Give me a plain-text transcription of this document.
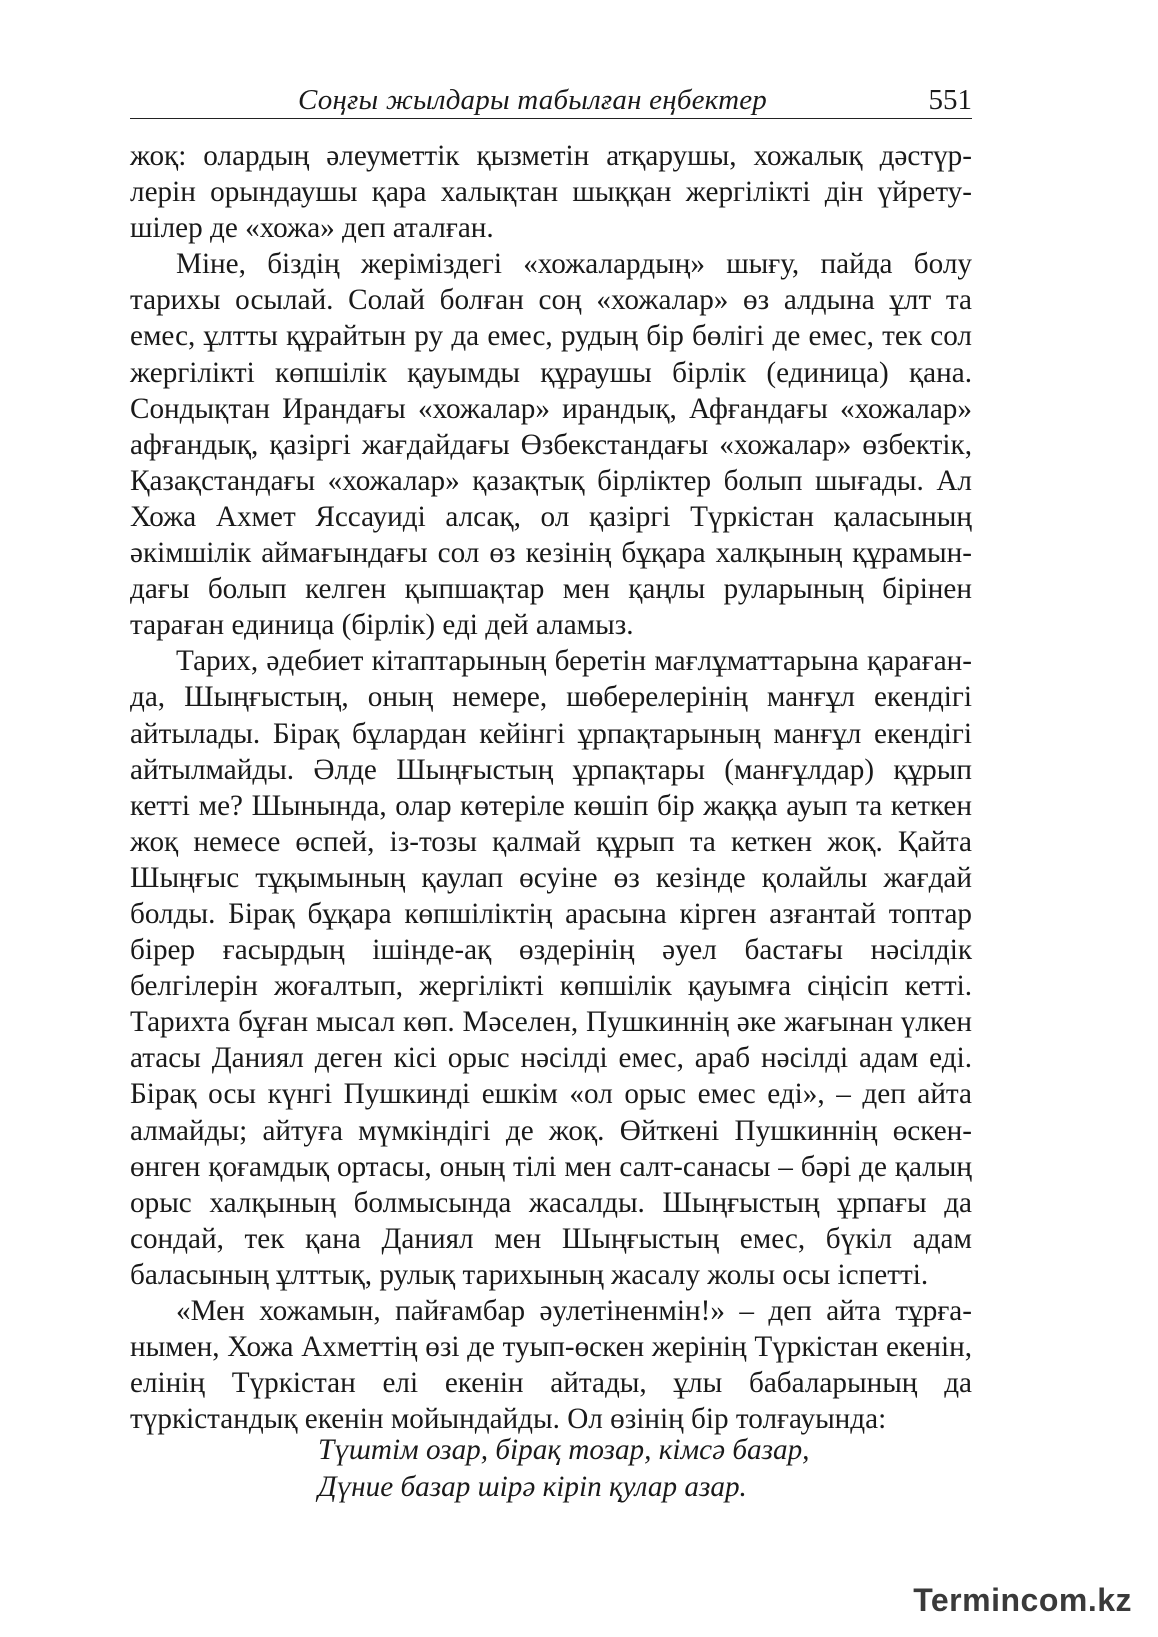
Соңғы жылдары табылған еңбектер	551

жоқ: олардың әлеуметтік қызметін атқарушы, хожалық дәстүр-лерін орындаушы қара халықтан шыққан жергілікті дін үйрету-шілер де «хожа» деп аталған.

Міне, біздің жеріміздегі «хожалардың» шығу, пайда болу тарихы осылай. Солай болған соң «хожалар» өз алдына ұлт та емес, ұлтты құрайтын ру да емес, рудың бір бөлігі де емес, тек сол жергілікті көпшілік қауымды құраушы бірлік (единица) қана. Сондықтан Ирандағы «хожалар» ирандық, Афғандағы «хожалар» афғандық, қазіргі жағдайдағы Өзбекстандағы «хожалар» өзбектік, Қазақстандағы «хожалар» қазақтық бірліктер болып шығады. Ал Хожа Ахмет Яссауиді алсақ, ол қазіргі Түркістан қаласының әкімшілік аймағындағы сол өз кезінің бұқара халқының құрамын-дағы болып келген қыпшақтар мен қаңлы руларының бірінен тараған единица (бірлік) еді дей аламыз.

Тарих, әдебиет кітаптарының беретін мағлұматтарына қараған-да, Шыңғыстың, оның немере, шөберелерінің манғұл екендігі айтылады. Бірақ бұлардан кейінгі ұрпақтарының манғұл екендігі айтылмайды. Әлде Шыңғыстың ұрпақтары (манғұлдар) құрып кетті ме? Шынында, олар көтеріле көшіп бір жаққа ауып та кеткен жоқ немесе өспей, із-тозы қалмай құрып та кеткен жоқ. Қайта Шыңғыс тұқымының қаулап өсуіне өз кезінде қолайлы жағдай болды. Бірақ бұқара көпшіліктің арасына кірген азғантай топтар бірер ғасырдың ішінде-ақ өздерінің әуел бастағы нәсілдік белгілерін жоғалтып, жергілікті көпшілік қауымға сіңісіп кетті. Тарихта бұған мысал көп. Мәселен, Пушкиннің әке жағынан үлкен атасы Даниял деген кісі орыс нәсілді емес, араб нәсілді адам еді. Бірақ осы күнгі Пушкинді ешкім «ол орыс емес еді», – деп айта алмайды; айтуға мүмкіндігі де жоқ. Өйткені Пушкиннің өскен-өнген қоғамдық ортасы, оның тілі мен салт-санасы – бәрі де қалың орыс халқының болмысында жасалды. Шыңғыстың ұрпағы да сондай, тек қана Даниял мен Шыңғыстың емес, бүкіл адам баласының ұлттық, рулық тарихының жасалу жолы осы іспетті.

«Мен хожамын, пайғамбар әулетіненмін!» – деп айта тұрға-нымен, Хожа Ахметтің өзі де туып-өскен жерінің Түркістан екенін, елінің Түркістан елі екенін айтады, ұлы бабаларының да түркістандық екенін мойындайды. Ол өзінің бір толғауында:

Түштім озар, бірақ тозар, кімсә базар,
Дүние базар шірә кіріп қулар азар.
Termincom.kz
